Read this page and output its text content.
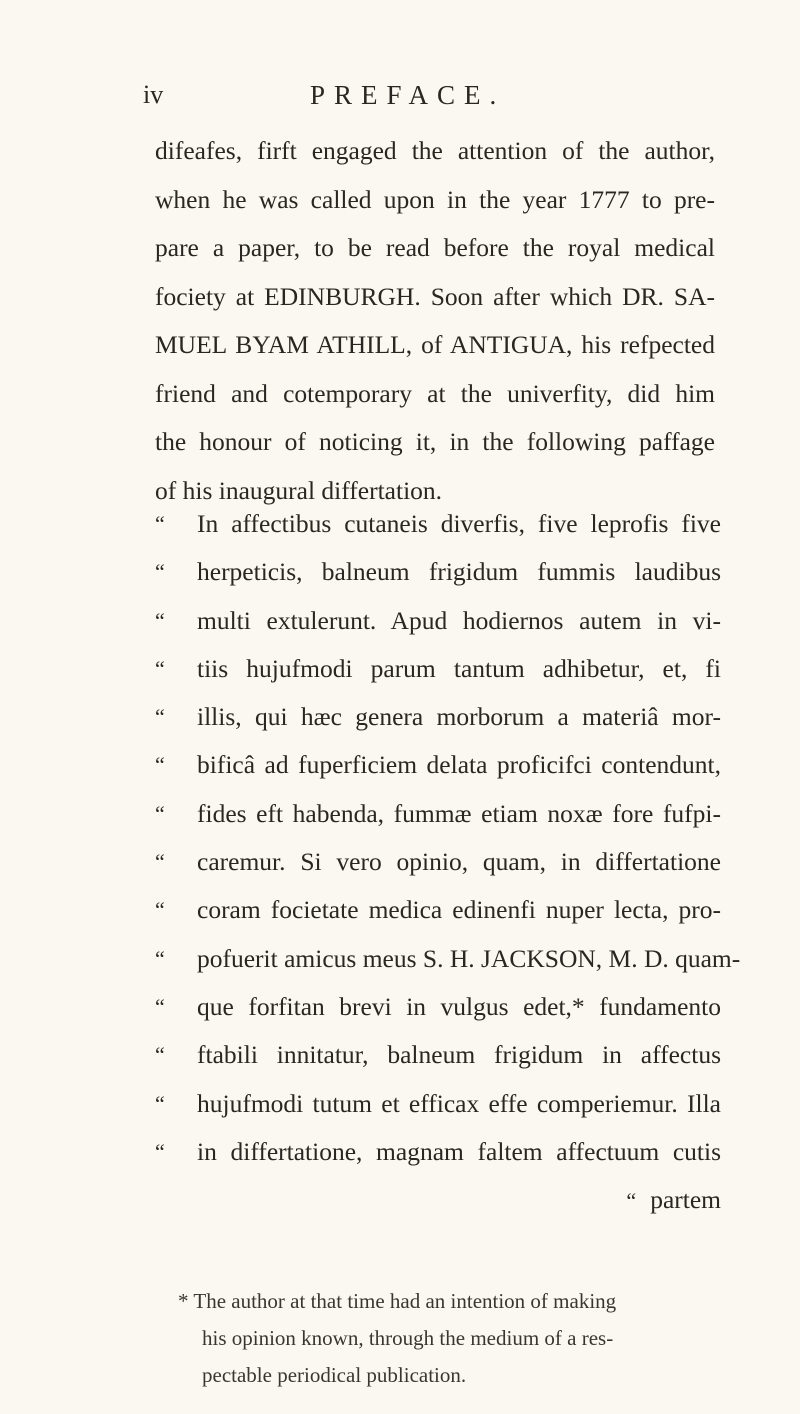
iv	PREFACE.
difeafes, firft engaged the attention of the author,
when he was called upon in the year 1777 to pre-
pare a paper, to be read before the royal medical
fociety at EDINBURGH. Soon after which DR. SA-
MUEL BYAM ATHILL, of ANTIGUA, his refpected
friend and cotemporary at the univerfity, did him
the honour of noticing it, in the following paffage
of his inaugural differtation.
“	In affectibus cutaneis diverfis, five leprofis five
“	herpeticis, balneum frigidum fummis laudibus
“	multi extulerunt. Apud hodiernos autem in vi-
“	tiis hujufmodi parum tantum adhibetur, et, fi
“	illis, qui hæc genera morborum a materiâ mor-
“	bificâ ad fuperficiem delata proficifci contendunt,
“	fides eft habenda, fummæ etiam noxæ fore fufpi-
“	caremur. Si vero opinio, quam, in differtatione
“	coram focietate medica edinenfi nuper lecta, pro-
“	pofuerit amicus meus S. H. JACKSON, M. D. quam-
“	que forfitan brevi in vulgus edet,* fundamento
“	ftabili innitatur, balneum frigidum in affectus
“	hujufmodi tutum et efficax effe comperiemur. Illa
“	in differtatione, magnam faltem affectuum cutis
“ partem
* The author at that time had an intention of making
his opinion known, through the medium of a res-
pectable periodical publication.
